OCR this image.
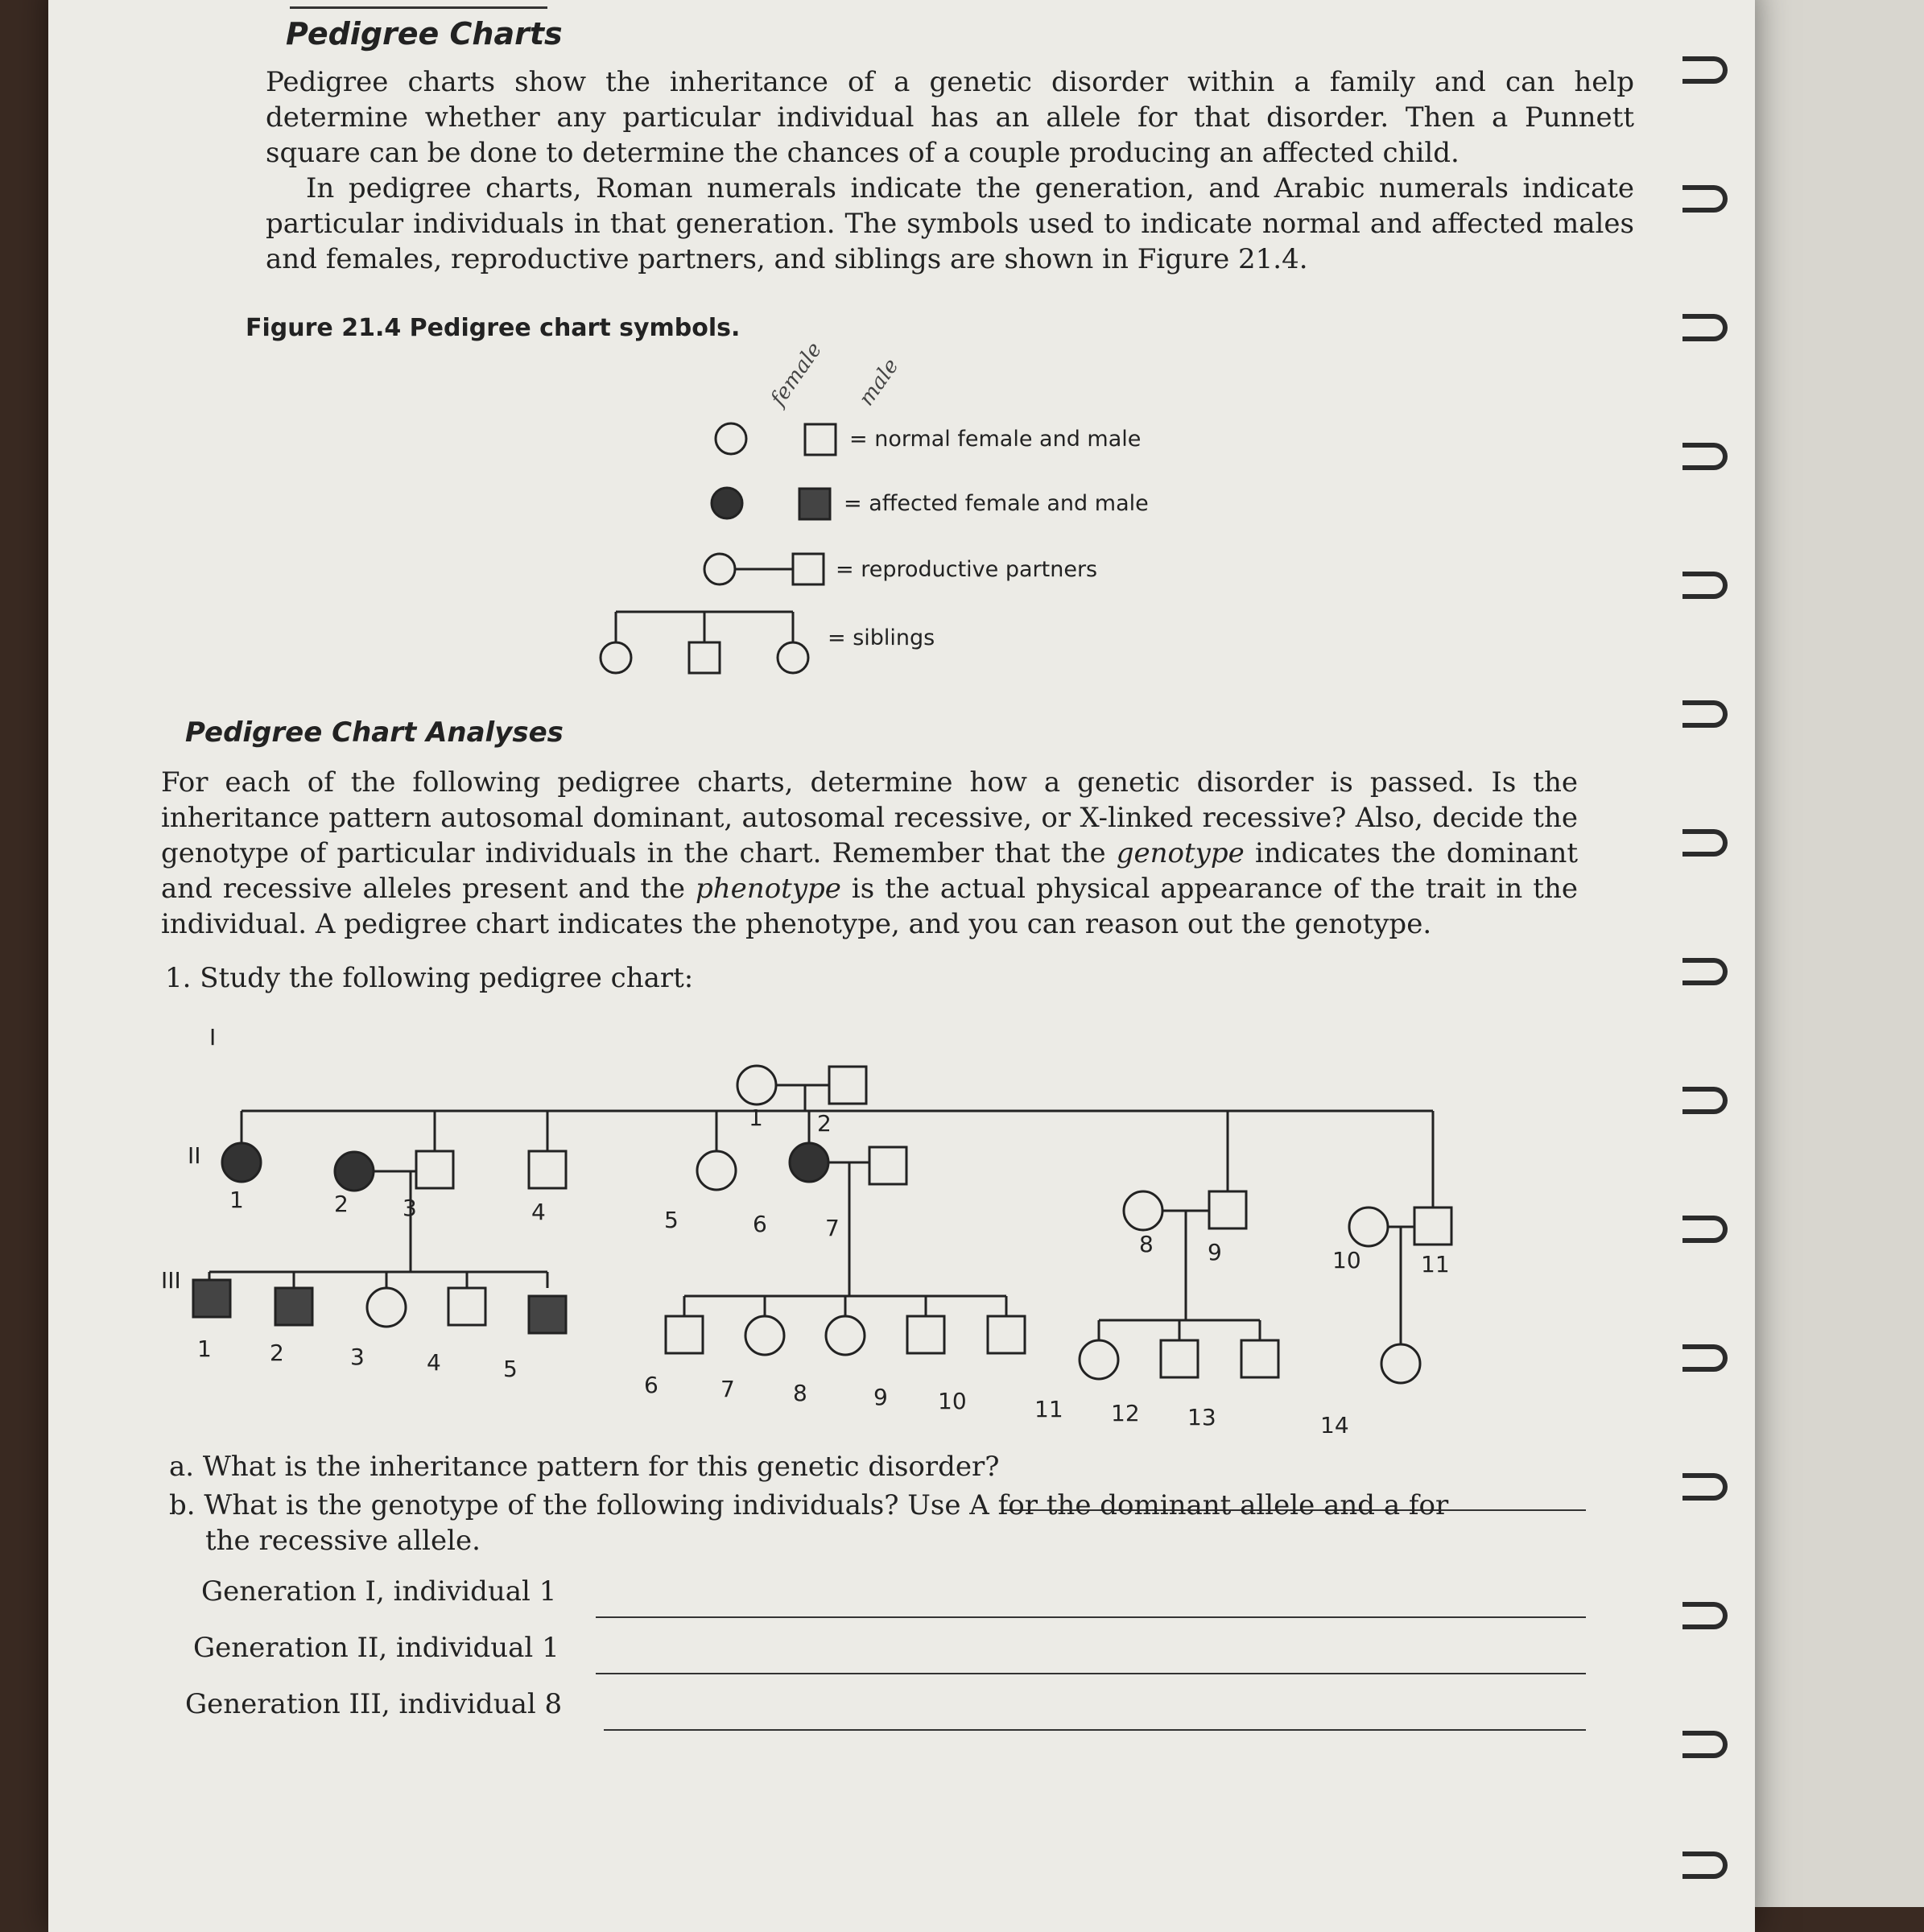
Pedigree Charts

Pedigree charts show the inheritance of a genetic disorder within a family and can help determine whether any particular individual has an allele for that disorder. Then a Punnett square can be done to determine the chances of a couple producing an affected child.

In pedigree charts, Roman numerals indicate the generation, and Arabic numerals indicate particular individuals in that generation. The symbols used to indicate normal and affected males and females, reproductive partners, and siblings are shown in Figure 21.4.

Figure 21.4 Pedigree chart symbols.
female male
= normal female and male
= affected female and male
= reproductive partners
= siblings
Pedigree Chart Analyses
For each of the following pedigree charts, determine how a genetic disorder is passed. Is the inheritance pattern autosomal dominant, autosomal recessive, or X-linked recessive? Also, decide the genotype of particular individuals in the chart. Remember that the genotype indicates the dominant and recessive alleles present and the phenotype is the actual physical appearance of the trait in the individual. A pedigree chart indicates the phenotype, and you can reason out the genotype.
1. Study the following pedigree chart:
I
II
III
1 2
1	2 3	4	5	6	7
8 9	10	11
1	2	3	4	5
6	7	8	9 10	11 12 13	14
a. What is the inheritance pattern for this genetic disorder?
b. What is the genotype of the following individuals? Use A for the dominant allele and a for
the recessive allele.
Generation I, individual 1
Generation II, individual 1
Generation III, individual 8
